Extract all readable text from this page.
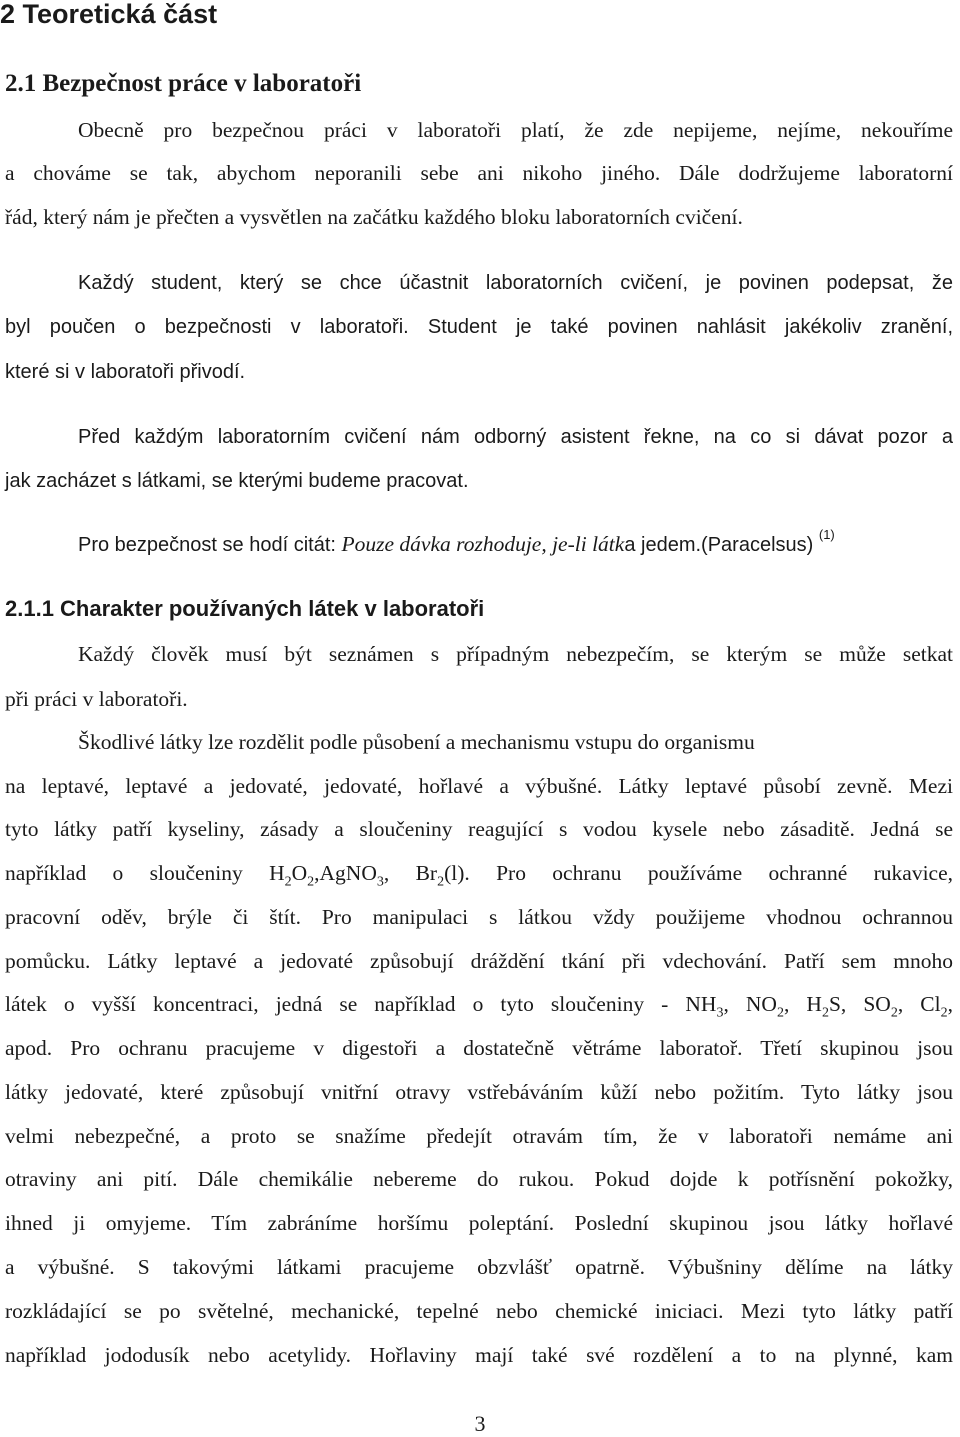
2 Teoretická část
2.1 Bezpečnost práce v laboratoři
Obecně pro bezpečnou práci v laboratoři platí, že zde nepijeme, nejíme, nekouříme
a chováme se tak, abychom neporanili sebe ani nikoho jiného. Dále dodržujeme laboratorní
řád, který nám je přečten a vysvětlen na začátku každého bloku laboratorních cvičení.
Každý student, který se chce účastnit laboratorních cvičení, je povinen podepsat, že
byl poučen o bezpečnosti v laboratoři. Student je také povinen nahlásit jakékoliv zranění,
které si v laboratoři přivodí.
Před každým laboratorním cvičení nám odborný asistent řekne, na co si dávat pozor a
jak zacházet s látkami, se kterými budeme pracovat.
Pro bezpečnost se hodí citát: Pouze dávka rozhoduje, je-li látka jedem.(Paracelsus) $^{(1)}$
2.1.1 Charakter používaných látek v laboratoři
Každý člověk musí být seznámen s případným nebezpečím, se kterým se může setkat
při práci v laboratoři.
Škodlivé látky lze rozdělit podle působení a mechanismu vstupu do organismu
na leptavé, leptavé a jedovaté, jedovaté, hořlavé a výbušné. Látky leptavé působí zevně. Mezi
tyto látky patří kyseliny, zásady a sloučeniny reagující s vodou kysele nebo zásaditě. Jedná se
například o sloučeniny $H_2O_2,AgNO_3$, $Br_2(l)$. Pro ochranu používáme ochranné rukavice,
pracovní oděv, brýle či štít. Pro manipulaci s látkou vždy použijeme vhodnou ochrannou
pomůcku. Látky leptavé a jedovaté způsobují dráždění tkání při vdechování. Patří sem mnoho
látek o vyšší koncentraci, jedná se například o tyto sloučeniny - $NH_3$, $NO_2$, $H_2S$, $SO_2$, $Cl_2$,
apod. Pro ochranu pracujeme v digestoři a dostatečně větráme laboratoř. Třetí skupinou jsou
látky jedovaté, které způsobují vnitřní otravy vstřebáváním kůží nebo požitím. Tyto látky jsou
velmi nebezpečné, a proto se snažíme předejít otravám tím, že v laboratoři nemáme ani
otraviny ani pití. Dále chemikálie nebereme do rukou. Pokud dojde k potřísnění pokožky,
ihned ji omyjeme. Tím zabráníme horšímu poleptání. Poslední skupinou jsou látky hořlavé
a výbušné. S takovými látkami pracujeme obzvlášť opatrně. Výbušniny dělíme na látky
rozkládající se po světelné, mechanické, tepelné nebo chemické iniciaci. Mezi tyto látky patří
například jododusík nebo acetylidy. Hořlaviny mají také své rozdělení a to na plynné, kam
3
